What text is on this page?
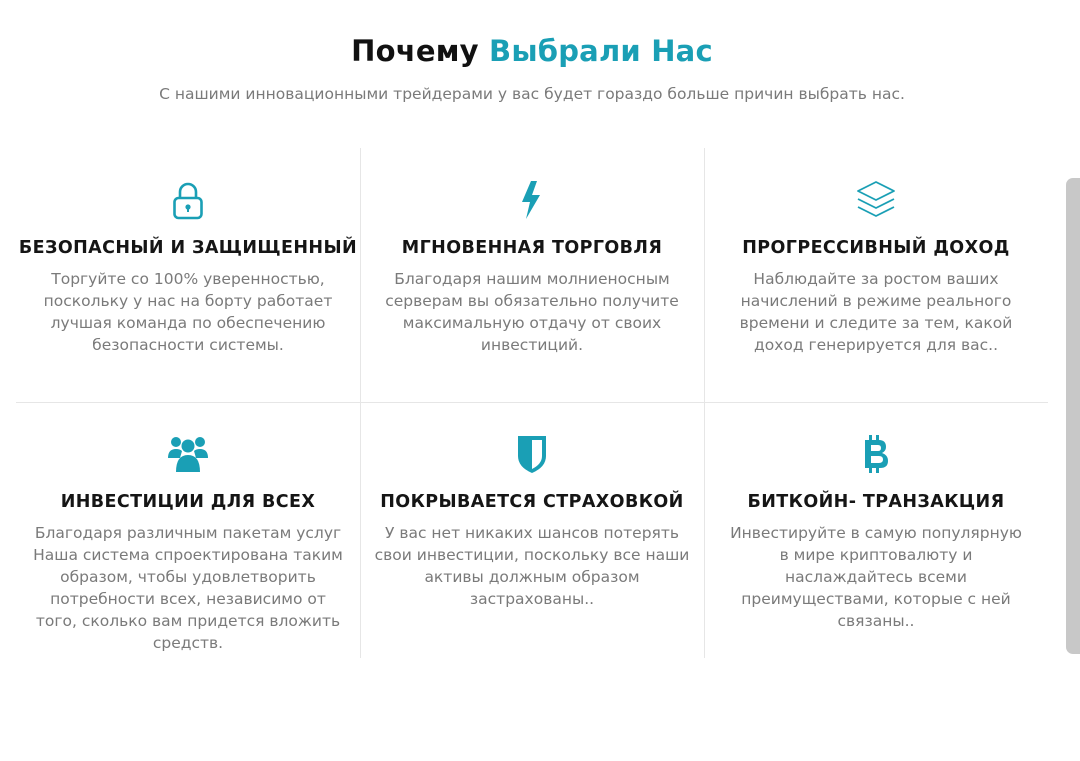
Почему Выбрали Нас
С нашими инновационными трейдерами у вас будет гораздо больше причин выбрать нас.
БЕЗОПАСНЫЙ И ЗАЩИЩЕННЫЙ
Торгуйте со 100% уверенностью, поскольку у нас на борту работает лучшая команда по обеспечению безопасности системы.
МГНОВЕННАЯ ТОРГОВЛЯ
Благодаря нашим молниеносным серверам вы обязательно получите максимальную отдачу от своих инвестиций.
ПРОГРЕССИВНЫЙ ДОХОД
Наблюдайте за ростом ваших начислений в режиме реального времени и следите за тем, какой доход генерируется для вас..
ИНВЕСТИЦИИ ДЛЯ ВСЕХ
Благодаря различным пакетам услуг Наша система спроектирована таким образом, чтобы удовлетворить потребности всех, независимо от того, сколько вам придется вложить средств.
ПОКРЫВАЕТСЯ СТРАХОВКОЙ
У вас нет никаких шансов потерять свои инвестиции, поскольку все наши активы должным образом застрахованы..
БИТКОЙН- ТРАНЗАКЦИЯ
Инвестируйте в самую популярную в мире криптовалюту и наслаждайтесь всеми преимуществами, которые с ней связаны..
